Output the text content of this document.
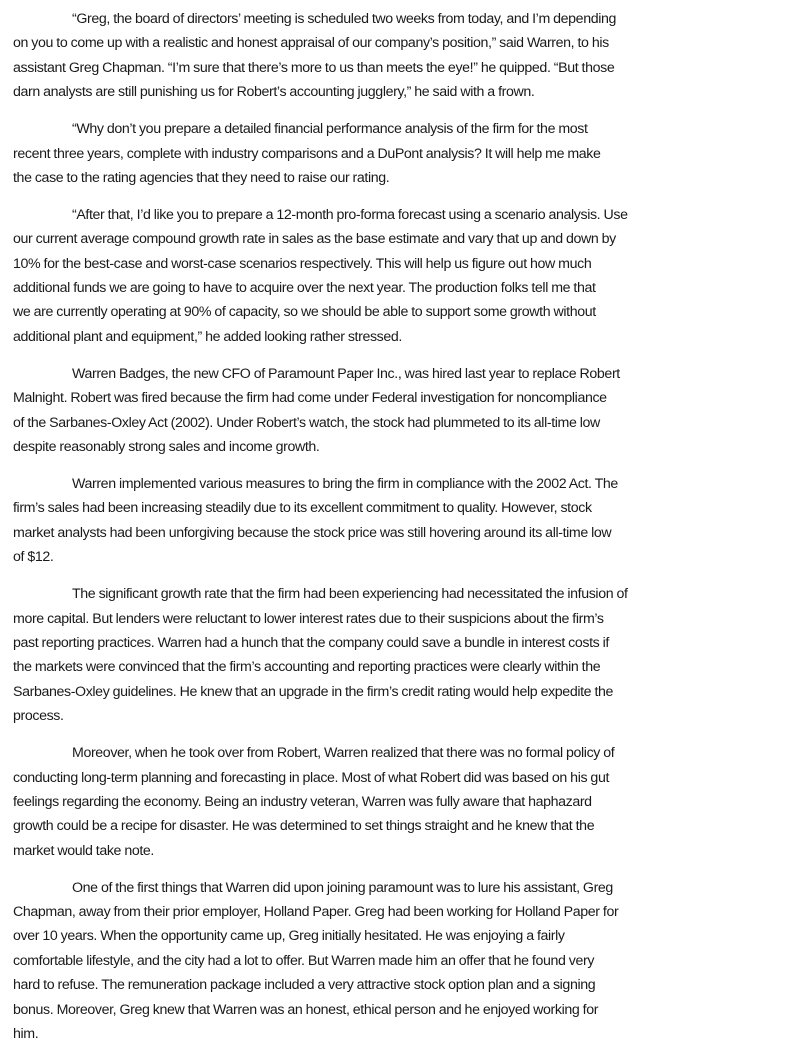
“Greg, the board of directors’ meeting is scheduled two weeks from today, and I’m depending
on you to come up with a realistic and honest appraisal of our company’s position,” said Warren, to his
assistant Greg Chapman. “I’m sure that there’s more to us than meets the eye!” he quipped. “But those
darn analysts are still punishing us for Robert’s accounting jugglery,” he said with a frown.

“Why don’t you prepare a detailed financial performance analysis of the firm for the most
recent three years, complete with industry comparisons and a DuPont analysis? It will help me make
the case to the rating agencies that they need to raise our rating.

“After that, I’d like you to prepare a 12-month pro-forma forecast using a scenario analysis. Use
our current average compound growth rate in sales as the base estimate and vary that up and down by
10% for the best-case and worst-case scenarios respectively. This will help us figure out how much
additional funds we are going to have to acquire over the next year. The production folks tell me that
we are currently operating at 90% of capacity, so we should be able to support some growth without
additional plant and equipment,” he added looking rather stressed.

Warren Badges, the new CFO of Paramount Paper Inc., was hired last year to replace Robert
Malnight. Robert was fired because the firm had come under Federal investigation for noncompliance
of the Sarbanes-Oxley Act (2002). Under Robert’s watch, the stock had plummeted to its all-time low
despite reasonably strong sales and income growth.

Warren implemented various measures to bring the firm in compliance with the 2002 Act. The
firm’s sales had been increasing steadily due to its excellent commitment to quality. However, stock
market analysts had been unforgiving because the stock price was still hovering around its all-time low
of $12.

The significant growth rate that the firm had been experiencing had necessitated the infusion of
more capital. But lenders were reluctant to lower interest rates due to their suspicions about the firm’s
past reporting practices. Warren had a hunch that the company could save a bundle in interest costs if
the markets were convinced that the firm’s accounting and reporting practices were clearly within the
Sarbanes-Oxley guidelines. He knew that an upgrade in the firm’s credit rating would help expedite the
process.

Moreover, when he took over from Robert, Warren realized that there was no formal policy of
conducting long-term planning and forecasting in place. Most of what Robert did was based on his gut
feelings regarding the economy. Being an industry veteran, Warren was fully aware that haphazard
growth could be a recipe for disaster. He was determined to set things straight and he knew that the
market would take note.

One of the first things that Warren did upon joining paramount was to lure his assistant, Greg
Chapman, away from their prior employer, Holland Paper. Greg had been working for Holland Paper for
over 10 years. When the opportunity came up, Greg initially hesitated. He was enjoying a fairly
comfortable lifestyle, and the city had a lot to offer. But Warren made him an offer that he found very
hard to refuse. The remuneration package included a very attractive stock option plan and a signing
bonus. Moreover, Greg knew that Warren was an honest, ethical person and he enjoyed working for
him.
